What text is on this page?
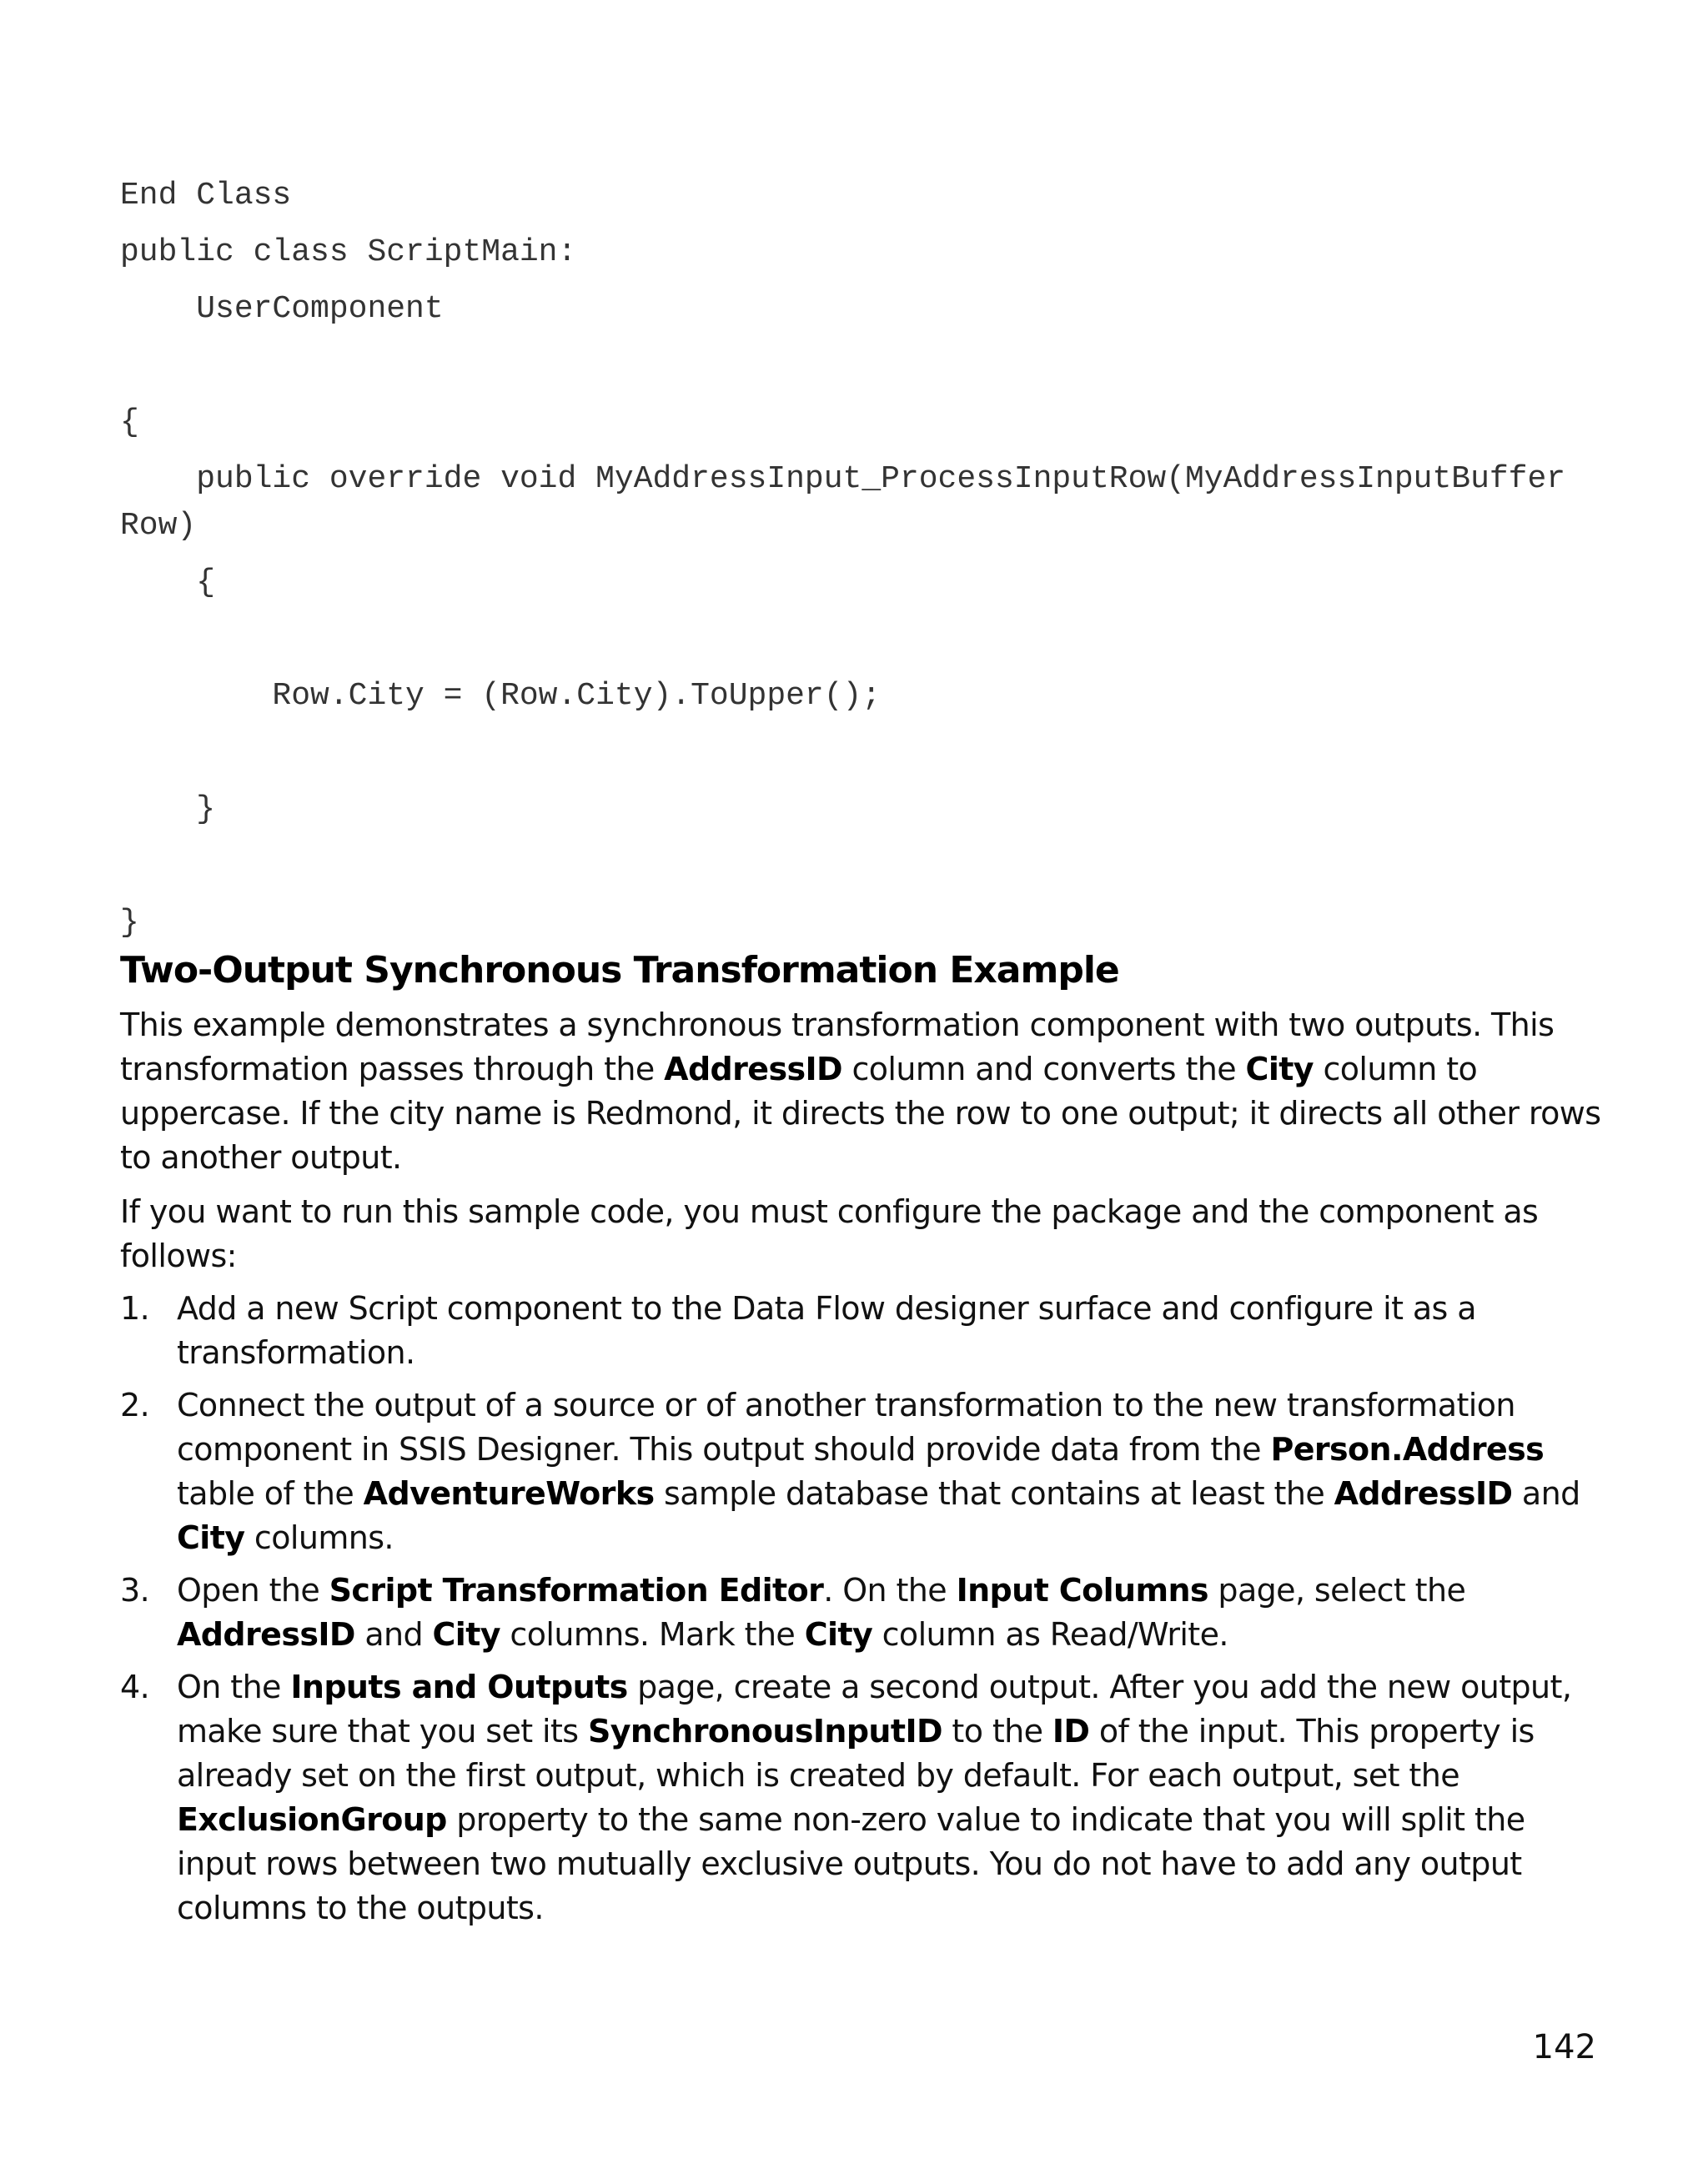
End Class
public class ScriptMain:
UserComponent
{
public override void MyAddressInput_ProcessInputRow(MyAddressInputBuffer
Row)
{
Row.City = (Row.City).ToUpper();
}
}
Two-Output Synchronous Transformation Example
This example demonstrates a synchronous transformation component with two outputs. This transformation passes through the AddressID column and converts the City column to uppercase. If the city name is Redmond, it directs the row to one output; it directs all other rows to another output.
If you want to run this sample code, you must configure the package and the component as follows:
1. Add a new Script component to the Data Flow designer surface and configure it as a transformation.
2. Connect the output of a source or of another transformation to the new transformation component in SSIS Designer. This output should provide data from the Person.Address table of the AdventureWorks sample database that contains at least the AddressID and City columns.
3. Open the Script Transformation Editor. On the Input Columns page, select the AddressID and City columns. Mark the City column as Read/Write.
4. On the Inputs and Outputs page, create a second output. After you add the new output, make sure that you set its SynchronousInputID to the ID of the input. This property is already set on the first output, which is created by default. For each output, set the ExclusionGroup property to the same non-zero value to indicate that you will split the input rows between two mutually exclusive outputs. You do not have to add any output columns to the outputs.
142
